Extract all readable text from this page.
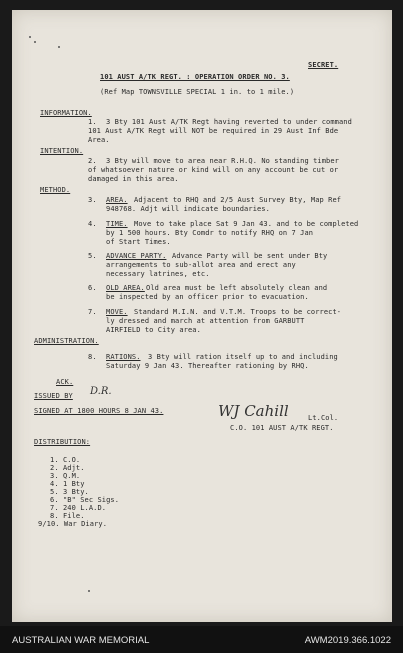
SECRET.
101 AUST A/TK REGT. : OPERATION ORDER NO. 3.
(Ref Map TOWNSVILLE SPECIAL 1 in. to 1 mile.)
INFORMATION.
1. 3 Bty 101 Aust A/TK Regt having reverted to under command
101 Aust A/TK Regt will NOT be required in 29 Aust Inf Bde
Area.
INTENTION.
2. 3 Bty will move to area near R.H.Q. No standing timber
of whatsoever nature or kind will on any account be cut or
damaged in this area.
METHOD.
3. AREA. Adjacent to RHQ and 2/5 Aust Survey Bty, Map Ref
948768. Adjt will indicate boundaries.
4. TIME. Move to take place Sat 9 Jan 43. and to be completed
by 1 500 hours. Bty Comdr to notify RHQ on 7 Jan
of Start Times.
5. ADVANCE PARTY. Advance Party will be sent under Bty
arrangements to sub-allot area and erect any
necessary latrines, etc.
6. OLD AREA. Old area must be left absolutely clean and
be inspected by an officer prior to evacuation.
7. MOVE. Standard M.I.N. and V.T.M. Troops to be correct-
ly dressed and march at attention from GARBUTT
AIRFIELD to City area.
ADMINISTRATION.
8. RATIONS. 3 Bty will ration itself up to and including
Saturday 9 Jan 43. Thereafter rationing by RHQ.
ACK.
ISSUED BY D.R.
SIGNED AT 1800 HOURS 8 JAN 43.	WJ Cahill	Lt.Col.
C.O. 101 AUST A/TK REGT.
DISTRIBUTION:
1. C.O.
2. Adjt.
3. Q.M.
4. 1 Bty
5. 3 Bty.
6. "B" Sec Sigs.
7. 240 L.A.D.
8. File.
9/10. War Diary.
AUSTRALIAN WAR MEMORIAL	AWM2019.366.1022
